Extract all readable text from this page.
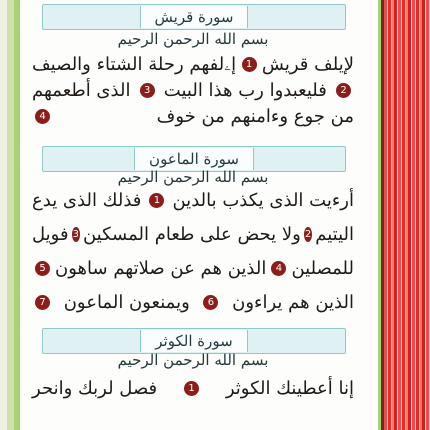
سورة قريش
بسم الله الرحمن الرحيم
لإيلف قريش
1
إۦلفهم رحلة الشتاء والصيف
2
فليعبدوا رب هذا البيت
3
الذى أطعمهم
من جوع وءامنهم من خوف
4
سورة الماعون
بسم الله الرحمن الرحيم
أرءيت الذى يكذب بالدين
1
فذلك الذى يدع
اليتيم
2
ولا يحض على طعام المسكين
3
فويل
للمصلين
4
الذين هم عن صلاتهم ساهون
5
الذين هم يراءون
6
ويمنعون الماعون
7
سورة الكوثر
بسم الله الرحمن الرحيم
إنا أعطينك الكوثر
1
فصل لربك وانحر
